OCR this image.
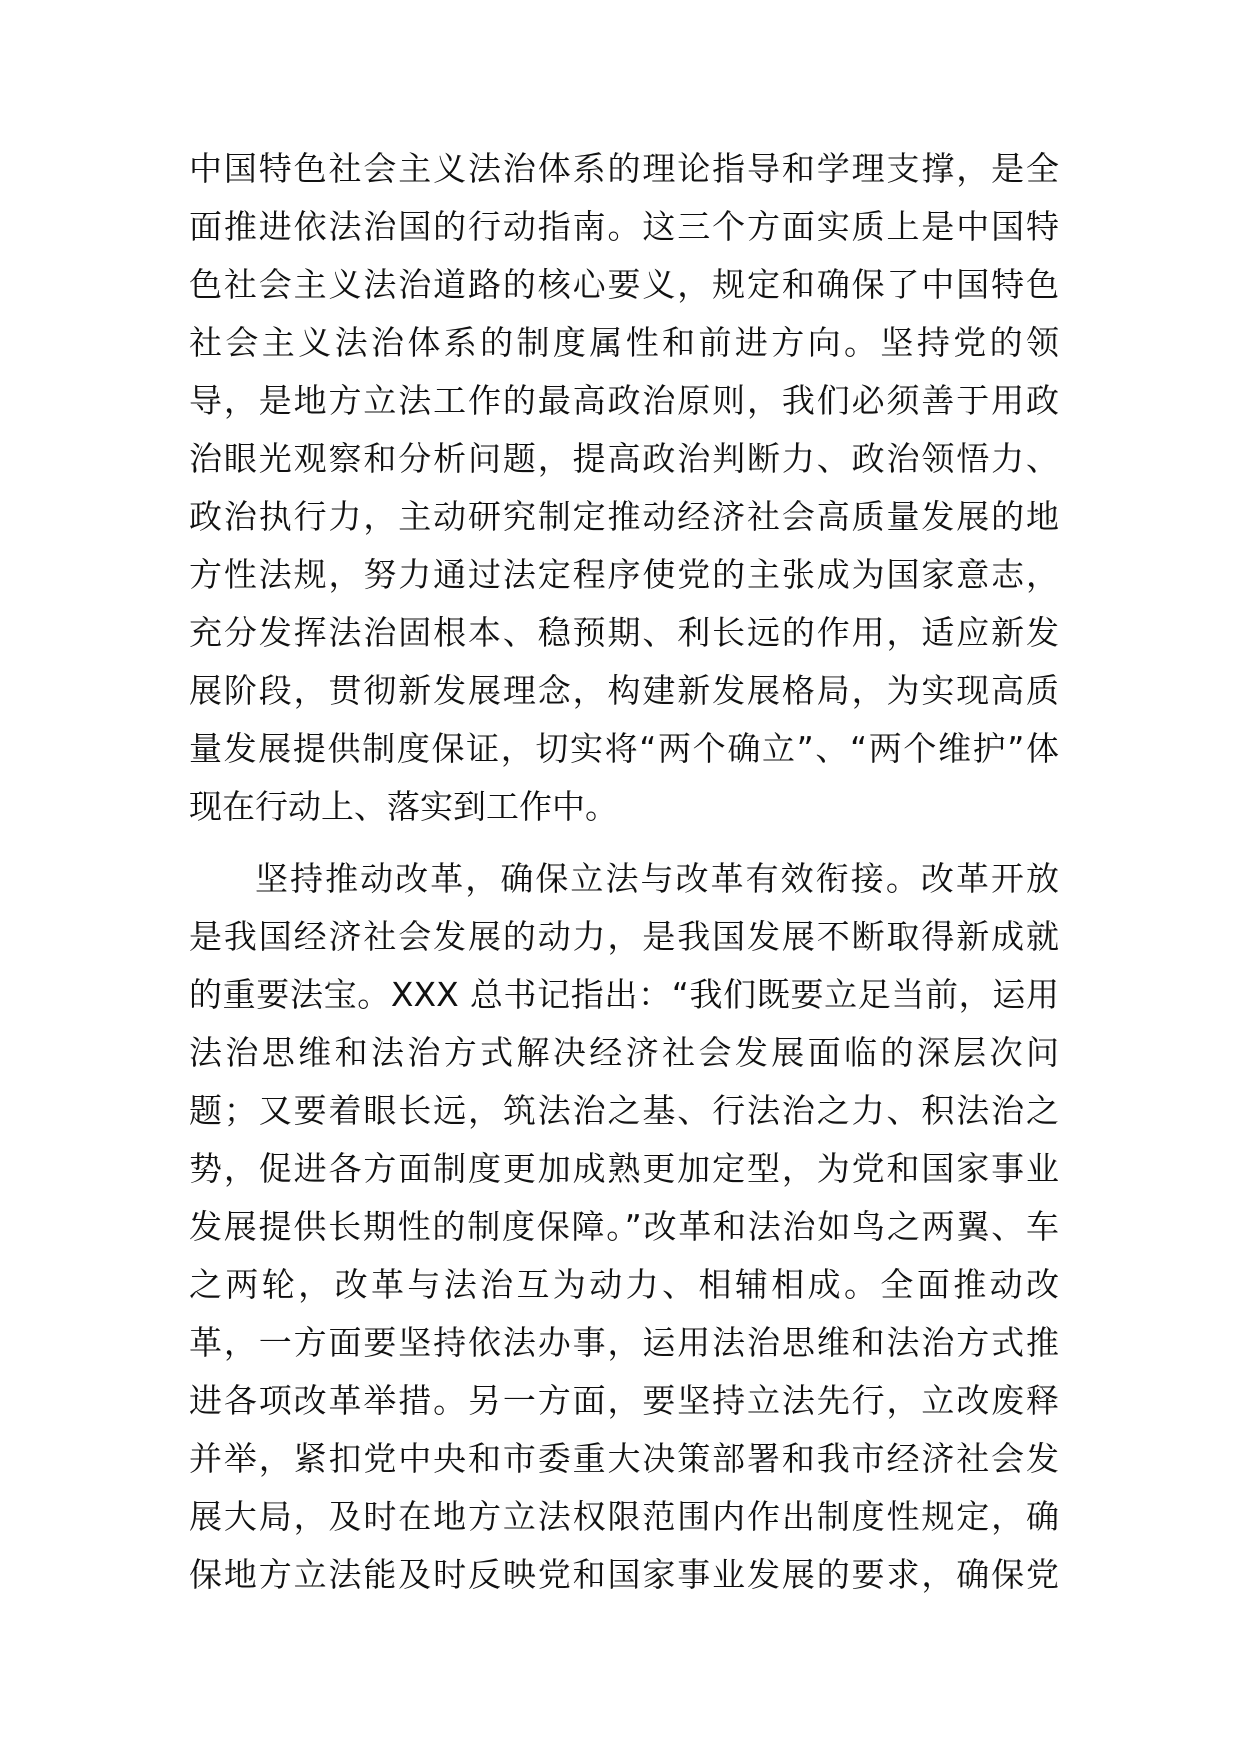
中国特色社会主义法治体系的理论指导和学理支撑，是全
面推进依法治国的行动指南。这三个方面实质上是中国特
色社会主义法治道路的核心要义，规定和确保了中国特色
社会主义法治体系的制度属性和前进方向。坚持党的领
导，是地方立法工作的最高政治原则，我们必须善于用政
治眼光观察和分析问题，提高政治判断力、政治领悟力、
政治执行力，主动研究制定推动经济社会高质量发展的地
方性法规，努力通过法定程序使党的主张成为国家意志，
充分发挥法治固根本、稳预期、利长远的作用，适应新发
展阶段，贯彻新发展理念，构建新发展格局，为实现高质
量发展提供制度保证，切实将“两个确立”、“两个维护”体
现在行动上、落实到工作中。
坚持推动改革，确保立法与改革有效衔接。改革开放
是我国经济社会发展的动力，是我国发展不断取得新成就
的重要法宝。XXX 总书记指出：“我们既要立足当前，运用
法治思维和法治方式解决经济社会发展面临的深层次问
题；又要着眼长远，筑法治之基、行法治之力、积法治之
势，促进各方面制度更加成熟更加定型，为党和国家事业
发展提供长期性的制度保障。”改革和法治如鸟之两翼、车
之两轮，改革与法治互为动力、相辅相成。全面推动改
革，一方面要坚持依法办事，运用法治思维和法治方式推
进各项改革举措。另一方面，要坚持立法先行，立改废释
并举，紧扣党中央和市委重大决策部署和我市经济社会发
展大局，及时在地方立法权限范围内作出制度性规定，确
保地方立法能及时反映党和国家事业发展的要求，确保党
